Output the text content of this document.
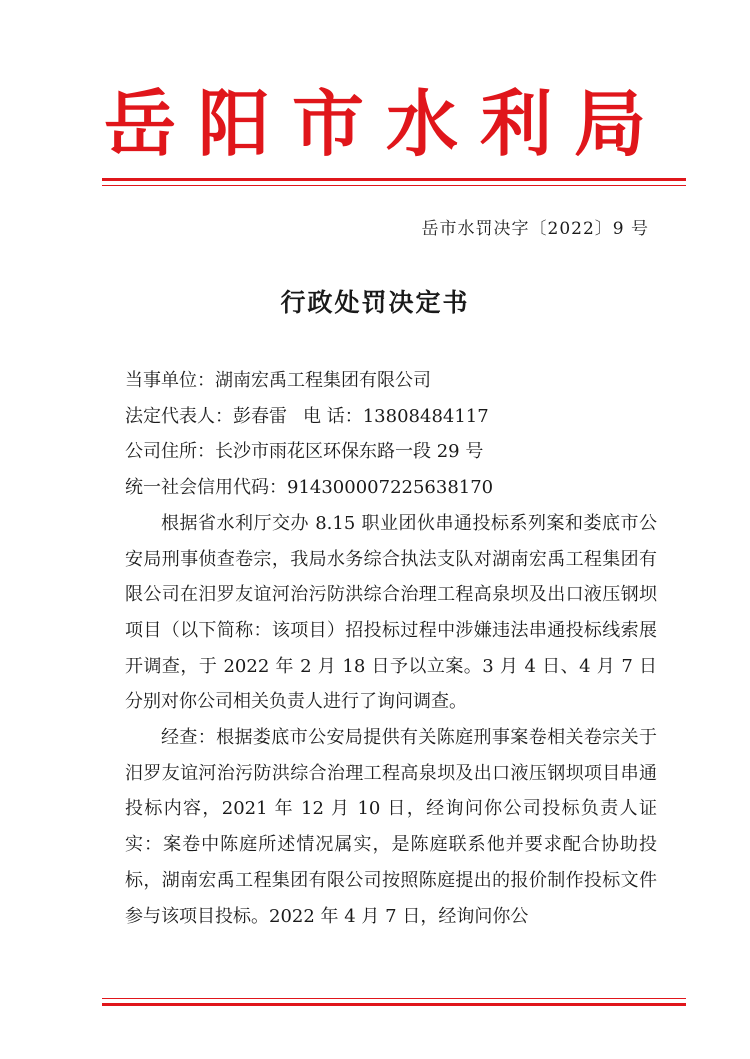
岳阳市水利局
岳市水罚决字〔2022〕9 号
行政处罚决定书
当事单位：湖南宏禹工程集团有限公司
法定代表人：彭春雷 电 话：13808484117
公司住所：长沙市雨花区环保东路一段 29 号
统一社会信用代码：914300007225638170
根据省水利厅交办 8.15 职业团伙串通投标系列案和娄底市公安局刑事侦查卷宗，我局水务综合执法支队对湖南宏禹工程集团有限公司在汨罗友谊河治污防洪综合治理工程高泉坝及出口液压钢坝项目（以下简称：该项目）招投标过程中涉嫌违法串通投标线索展开调查，于 2022 年 2 月 18 日予以立案。3 月 4 日、4 月 7 日分别对你公司相关负责人进行了询问调查。
经查：根据娄底市公安局提供有关陈庭刑事案卷相关卷宗关于汨罗友谊河治污防洪综合治理工程高泉坝及出口液压钢坝项目串通投标内容，2021 年 12 月 10 日，经询问你公司投标负责人证实：案卷中陈庭所述情况属实，是陈庭联系他并要求配合协助投标，湖南宏禹工程集团有限公司按照陈庭提出的报价制作投标文件参与该项目投标。2022 年 4 月 7 日，经询问你公
